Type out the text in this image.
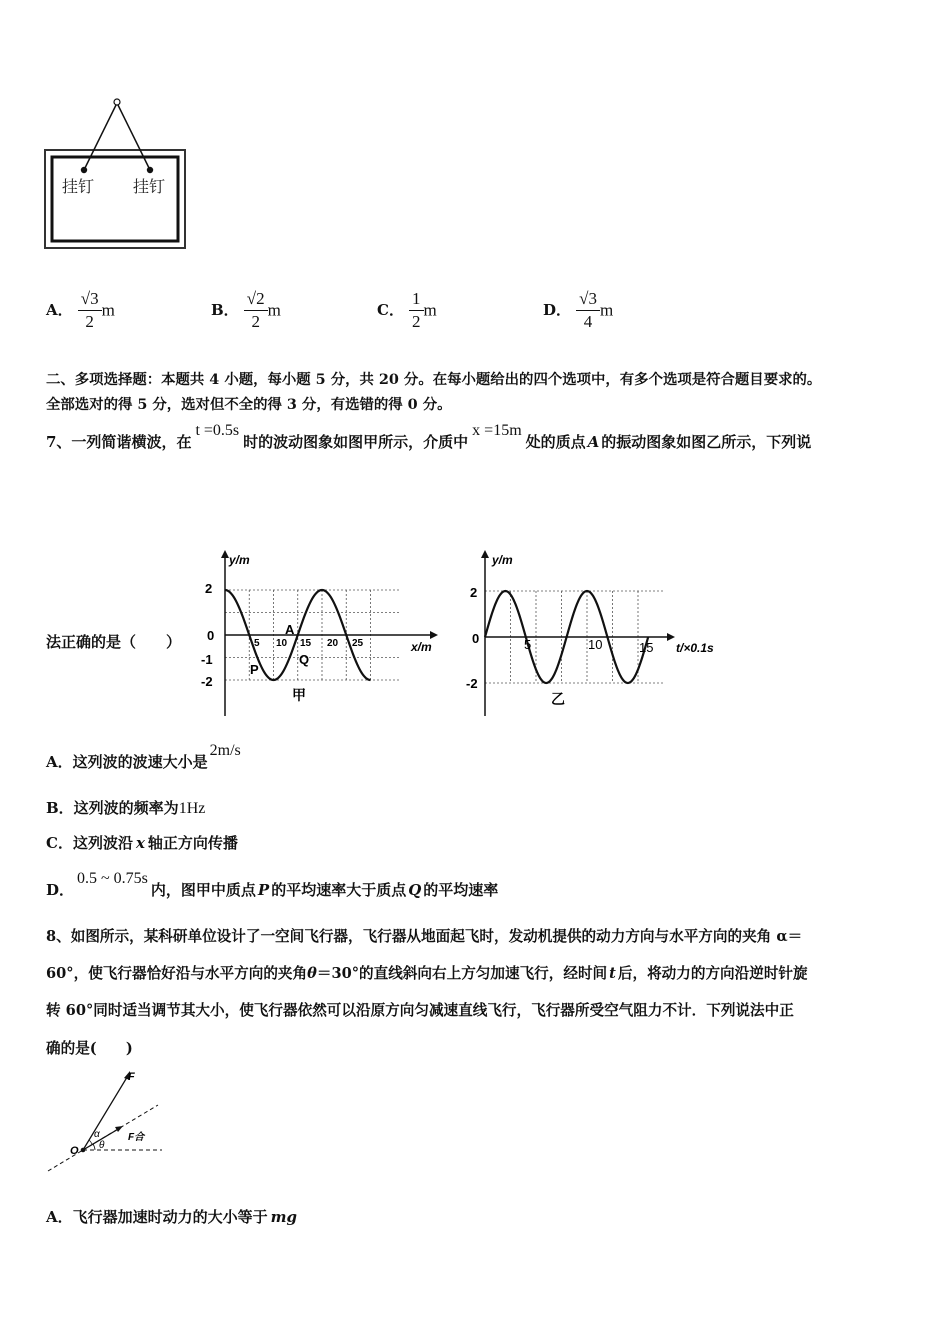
挂钉 挂钉
A． $\frac{√3}{2}$ m	B． $\frac{√2}{2}$ m	C． $\frac{1}{2}$ m	D． $\frac{√3}{4}$ m
二、多项选择题：本题共 4 小题，每小题 5 分，共 20 分。在每小题给出的四个选项中，有多个选项是符合题目要求的。
全部选对的得 5 分，选对但不全的得 3 分，有选错的得 0 分。
7、一列简谐横波，在t =0.5s时的波动图象如图甲所示，介质中x =15m处的质点 A 的振动图象如图乙所示，下列说
法正确的是（　　）
y/m
x/m
2
0
-1
-2
5 10 15 20 25
A
P
Q
甲
y/m
t/×0.1s
2
0
-2
5	10	15
乙
A．这列波的波速大小是2m/s
B．这列波的频率为1Hz
C．这列波沿 x 轴正方向传播
D．0.5 ~ 0.75s内，图甲中质点 P 的平均速率大于质点 Q 的平均速率
8、如图所示，某科研单位设计了一空间飞行器，飞行器从地面起飞时，发动机提供的动力方向与水平方向的夹角 α＝
60°，使飞行器恰好沿与水平方向的夹角θ＝30°的直线斜向右上方匀加速飞行，经时间 t 后，将动力的方向沿逆时针旋
转 60°同时适当调节其大小，使飞行器依然可以沿原方向匀减速直线飞行，飞行器所受空气阻力不计．下列说法中正
确的是(　　)
F
α
θ
O
F合
A．飞行器加速时动力的大小等于 mg
